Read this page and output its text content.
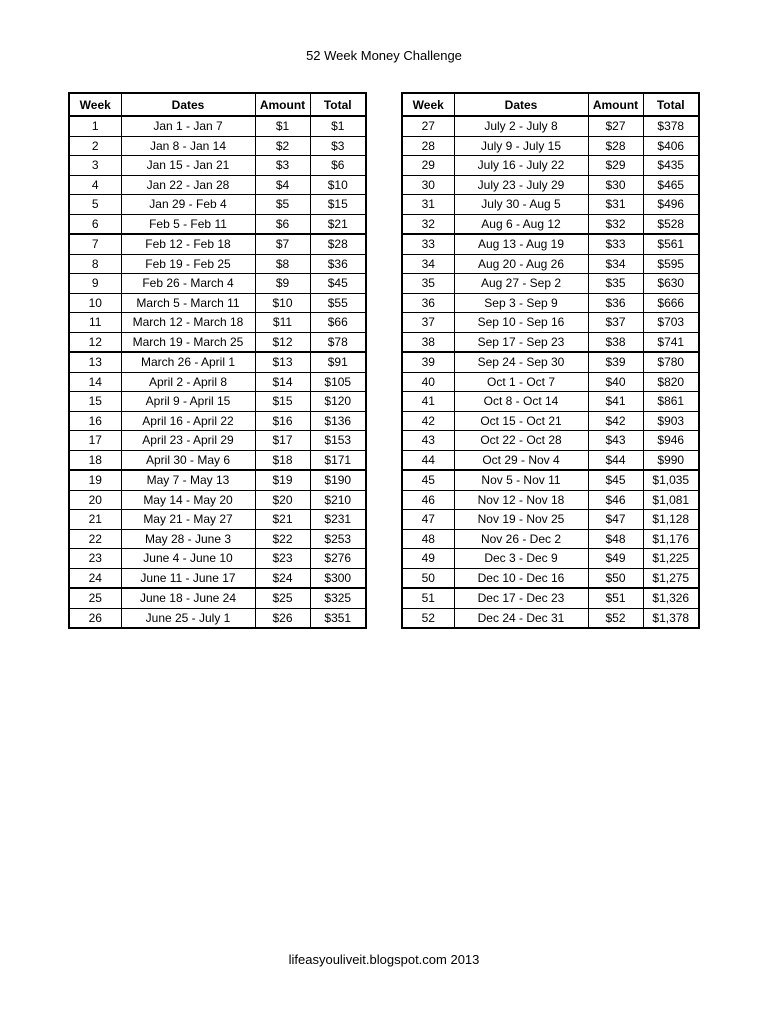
52 Week Money Challenge
Week	Dates	Amount	Total
1	Jan 1 - Jan 7	$1	$1
2	Jan 8 - Jan 14	$2	$3
3	Jan 15 - Jan 21	$3	$6
4	Jan 22 - Jan 28	$4	$10
5	Jan 29 - Feb 4	$5	$15
6	Feb 5 - Feb 11	$6	$21
7	Feb 12 - Feb 18	$7	$28
8	Feb 19 - Feb 25	$8	$36
9	Feb 26 - March 4	$9	$45
10	March 5 - March 11	$10	$55
11	March 12 - March 18	$11	$66
12	March 19 - March 25	$12	$78
13	March 26 - April 1	$13	$91
14	April 2 - April 8	$14	$105
15	April 9 - April 15	$15	$120
16	April 16 - April 22	$16	$136
17	April 23 - April 29	$17	$153
18	April 30 - May 6	$18	$171
19	May 7 - May 13	$19	$190
20	May 14 - May 20	$20	$210
21	May 21 - May 27	$21	$231
22	May 28 - June 3	$22	$253
23	June 4 - June 10	$23	$276
24	June 11 - June 17	$24	$300
25	June 18 - June 24	$25	$325
26	June 25 - July 1	$26	$351
Week	Dates	Amount	Total
27	July 2 - July 8	$27	$378
28	July 9 - July 15	$28	$406
29	July 16 - July 22	$29	$435
30	July 23 - July 29	$30	$465
31	July 30 - Aug 5	$31	$496
32	Aug 6 - Aug 12	$32	$528
33	Aug 13 - Aug 19	$33	$561
34	Aug 20 - Aug 26	$34	$595
35	Aug 27 - Sep 2	$35	$630
36	Sep 3 - Sep 9	$36	$666
37	Sep 10 - Sep 16	$37	$703
38	Sep 17 - Sep 23	$38	$741
39	Sep 24 - Sep 30	$39	$780
40	Oct 1 - Oct 7	$40	$820
41	Oct 8 - Oct 14	$41	$861
42	Oct 15 - Oct 21	$42	$903
43	Oct 22 - Oct 28	$43	$946
44	Oct 29 - Nov 4	$44	$990
45	Nov 5 - Nov 11	$45	$1,035
46	Nov 12 - Nov 18	$46	$1,081
47	Nov 19 - Nov 25	$47	$1,128
48	Nov 26 - Dec 2	$48	$1,176
49	Dec 3 - Dec 9	$49	$1,225
50	Dec 10 - Dec 16	$50	$1,275
51	Dec 17 - Dec 23	$51	$1,326
52	Dec 24 - Dec 31	$52	$1,378
lifeasyouliveit.blogspot.com 2013
